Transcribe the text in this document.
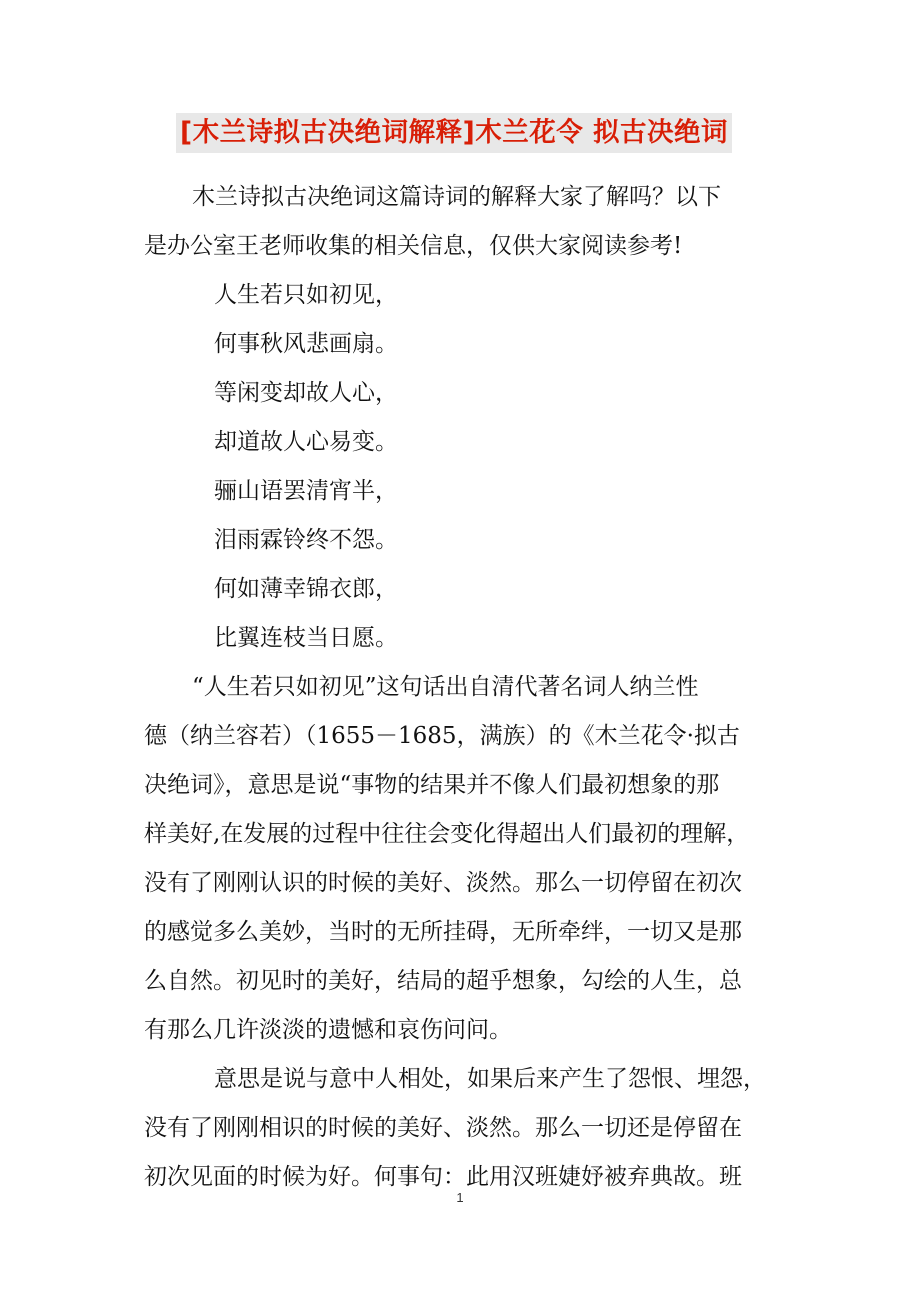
[木兰诗拟古决绝词解释]木兰花令 拟古决绝词
木兰诗拟古决绝词这篇诗词的解释大家了解吗？以下
是办公室王老师收集的相关信息，仅供大家阅读参考!
人生若只如初见，
何事秋风悲画扇。
等闲变却故人心，
却道故人心易变。
骊山语罢清宵半，
泪雨霖铃终不怨。
何如薄幸锦衣郎，
比翼连枝当日愿。
“人生若只如初见”这句话出自清代著名词人纳兰性
德（纳兰容若）（1655－1685，满族）的《木兰花令·拟古
决绝词》，意思是说“事物的结果并不像人们最初想象的那
样美好,在发展的过程中往往会变化得超出人们最初的理解，
没有了刚刚认识的时候的美好、淡然。那么一切停留在初次
的感觉多么美妙，当时的无所挂碍，无所牵绊，一切又是那
么自然。初见时的美好，结局的超乎想象，勾绘的人生，总
有那么几许淡淡的遗憾和哀伤问问。
意思是说与意中人相处，如果后来产生了怨恨、埋怨，
没有了刚刚相识的时候的美好、淡然。那么一切还是停留在
初次见面的时候为好。何事句：此用汉班婕妤被弃典故。班
1
